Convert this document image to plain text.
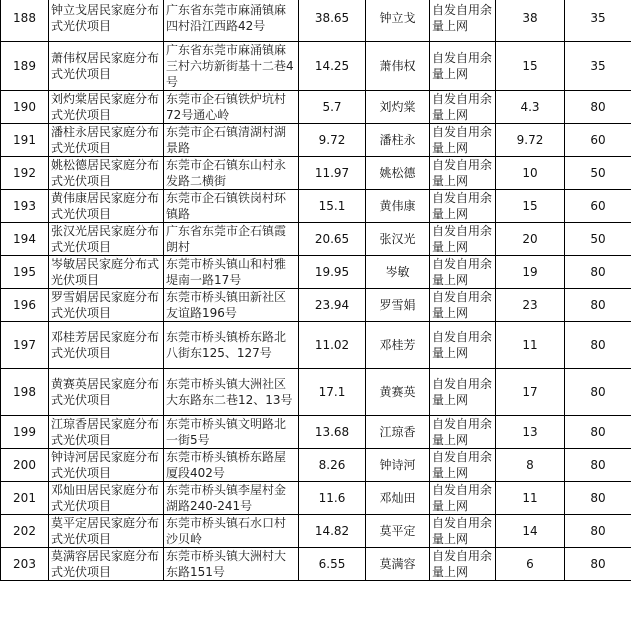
188	钟立戈居民家庭分布式光伏项目	广东省东莞市麻涌镇麻四村沿江西路42号	38.65	钟立戈	自发自用余量上网	38	35
189	萧伟权居民家庭分布式光伏项目	广东省东莞市麻涌镇麻三村六坊新街基十二巷4号	14.25	萧伟权	自发自用余量上网	15	35
190	刘灼棠居民家庭分布式光伏项目	东莞市企石镇铁炉坑村72号通心岭	5.7	刘灼棠	自发自用余量上网	4.3	80
191	潘柱永居民家庭分布式光伏项目	东莞市企石镇清湖村湖景路	9.72	潘柱永	自发自用余量上网	9.72	60
192	姚松德居民家庭分布式光伏项目	东莞市企石镇东山村永发路二横街	11.97	姚松德	自发自用余量上网	10	50
193	黄伟康居民家庭分布式光伏项目	东莞市企石镇铁岗村环镇路	15.1	黄伟康	自发自用余量上网	15	60
194	张汉光居民家庭分布式光伏项目	广东省东莞市企石镇霞朗村	20.65	张汉光	自发自用余量上网	20	50
195	岑敏居民家庭分布式光伏项目	东莞市桥头镇山和村雅堤南一路17号	19.95	岑敏	自发自用余量上网	19	80
196	罗雪娟居民家庭分布式光伏项目	东莞市桥头镇田新社区友谊路196号	23.94	罗雪娟	自发自用余量上网	23	80
197	邓桂芳居民家庭分布式光伏项目	东莞市桥头镇桥东路北八街东125、127号	11.02	邓桂芳	自发自用余量上网	11	80
198	黄赛英居民家庭分布式光伏项目	东莞市桥头镇大洲社区大东路东二巷12、13号	17.1	黄赛英	自发自用余量上网	17	80
199	江琼香居民家庭分布式光伏项目	东莞市桥头镇文明路北一街5号	13.68	江琼香	自发自用余量上网	13	80
200	钟诗河居民家庭分布式光伏项目	东莞市桥头镇桥东路屋厦段402号	8.26	钟诗河	自发自用余量上网	8	80
201	邓灿田居民家庭分布式光伏项目	东莞市桥头镇李屋村金湖路240-241号	11.6	邓灿田	自发自用余量上网	11	80
202	莫平定居民家庭分布式光伏项目	东莞市桥头镇石水口村沙贝岭	14.82	莫平定	自发自用余量上网	14	80
203	莫满容居民家庭分布式光伏项目	东莞市桥头镇大洲村大东路151号	6.55	莫满容	自发自用余量上网	6	80
